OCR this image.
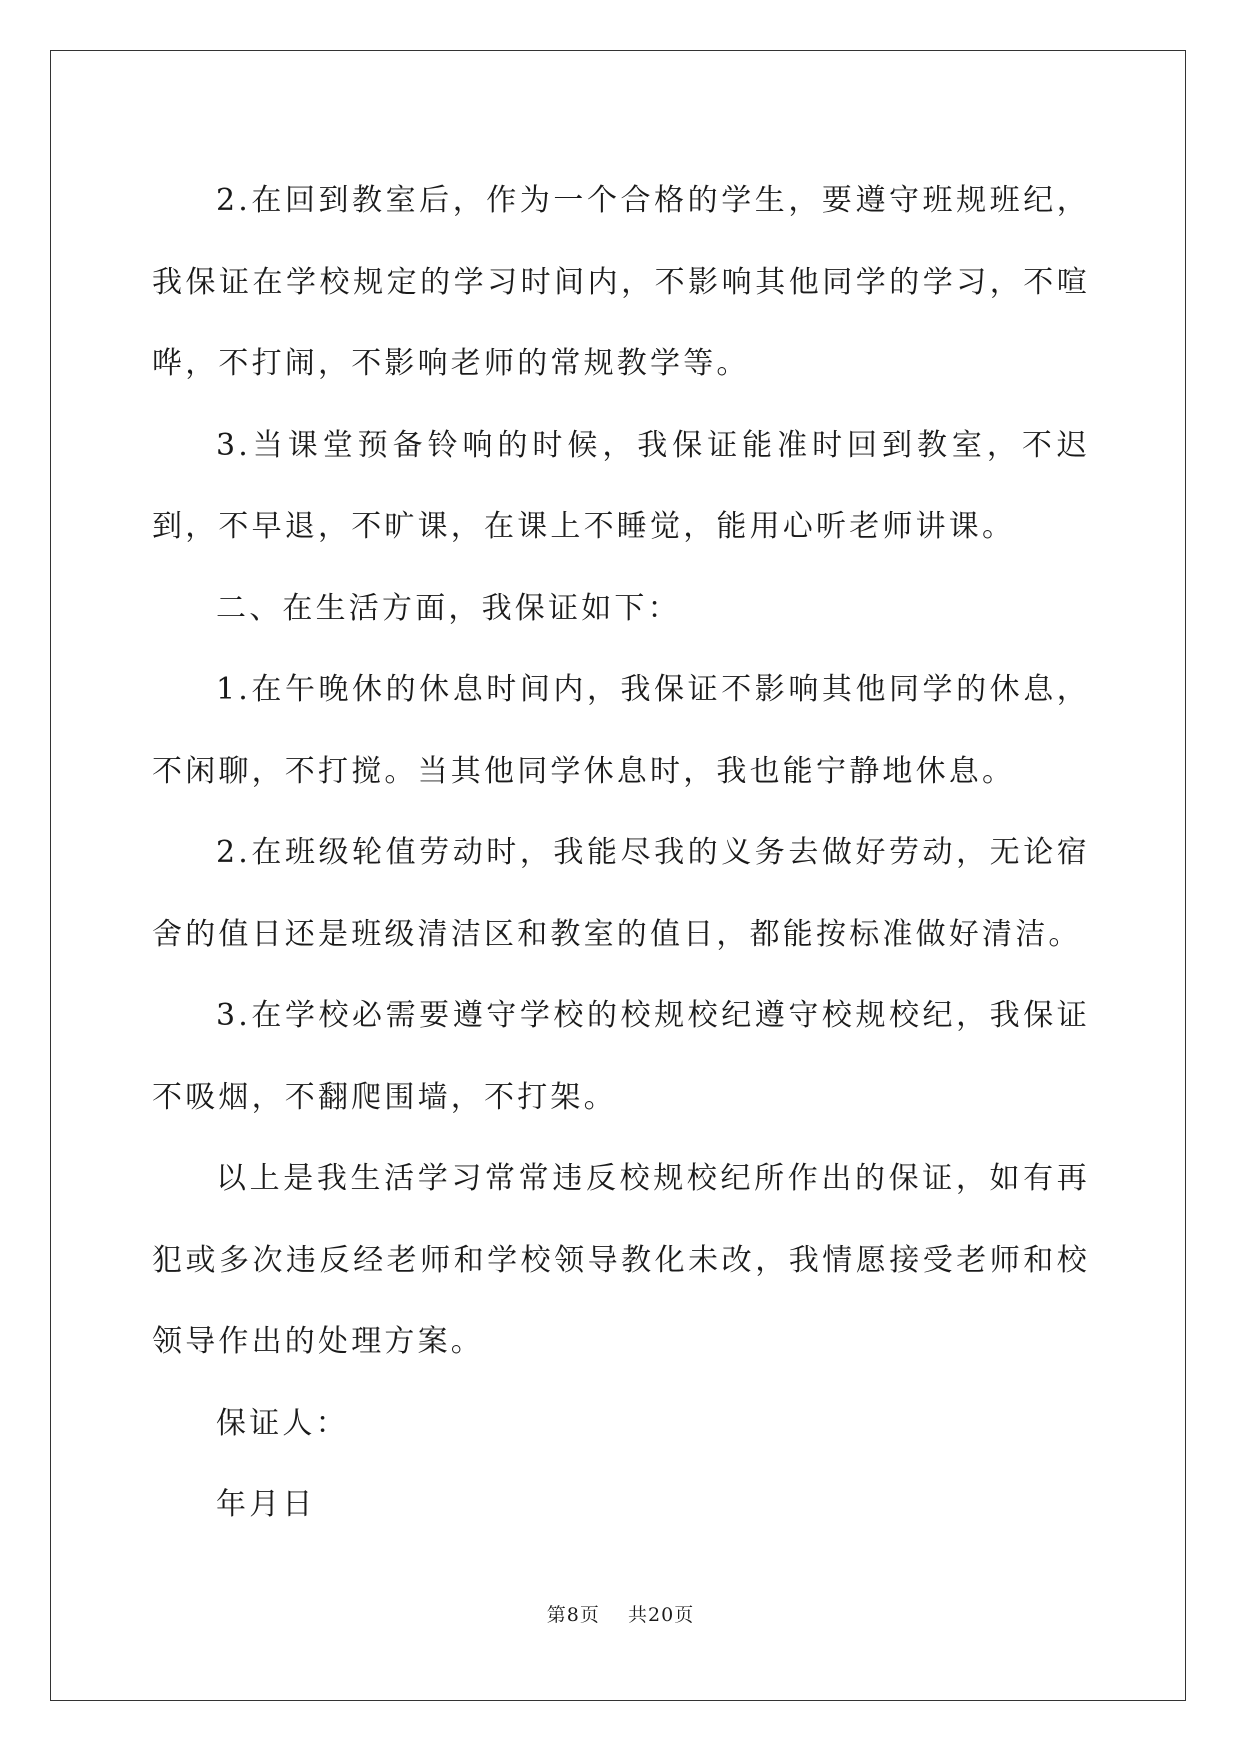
2.在回到教室后，作为一个合格的学生，要遵守班规班纪，我保证在学校规定的学习时间内，不影响其他同学的学习，不喧哗，不打闹，不影响老师的常规教学等。

3.当课堂预备铃响的时候，我保证能准时回到教室，不迟到，不早退，不旷课，在课上不睡觉，能用心听老师讲课。

二、在生活方面，我保证如下：

1.在午晚休的休息时间内，我保证不影响其他同学的休息，不闲聊，不打搅。当其他同学休息时，我也能宁静地休息。

2.在班级轮值劳动时，我能尽我的义务去做好劳动，无论宿舍的值日还是班级清洁区和教室的值日，都能按标准做好清洁。

3.在学校必需要遵守学校的校规校纪遵守校规校纪，我保证不吸烟，不翻爬围墙，不打架。

以上是我生活学习常常违反校规校纪所作出的保证，如有再犯或多次违反经老师和学校领导教化未改，我情愿接受老师和校领导作出的处理方案。

保证人：

年月日

第8页 共20页
